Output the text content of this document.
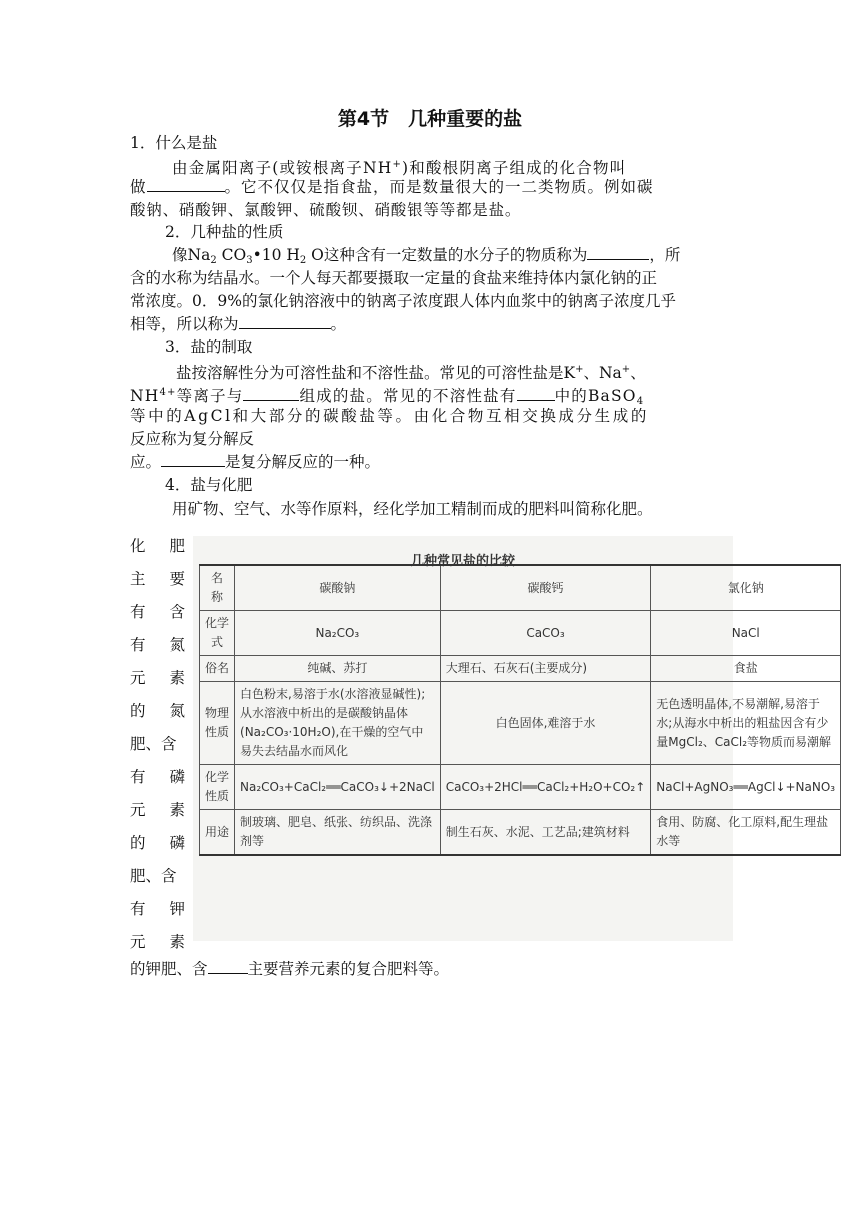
第4节　几种重要的盐
1．什么是盐
由金属阳离子(或铵根离子NH+)和酸根阴离子组成的化合物叫
做	。它不仅仅是指食盐，而是数量很大的一二类物质。例如碳
酸钠、硝酸钾、氯酸钾、硫酸钡、硝酸银等等都是盐。
2．几种盐的性质
像$Na_2$ $CO_3•10$ $H_2$ O这种含有一定数量的水分子的物质称为	，所
含的水称为结晶水。一个人每天都要摄取一定量的食盐来维持体内氯化钠的正
常浓度。0．9%的氯化钠溶液中的钠离子浓度跟人体内血浆中的钠离子浓度几乎
相等，所以称为	。
3．盐的制取
盐按溶解性分为可溶性盐和不溶性盐。常见的可溶性盐是K+、Na+、
$NH^{4+}$等离子与	组成的盐。常见的不溶性盐有 中的BaSO$_4$
等中的AgCl和大部分的碳酸盐等。由化合物互相交换成分生成的
反应称为复分解反
应。	是复分解反应的一种。
4．盐与化肥
用矿物、空气、水等作原料，经化学加工精制而成的肥料叫简称化肥。
化 肥
主 要
有 含
有 氮
元 素
的 氮
肥、含
有 磷
元 素
的 磷
肥、含
有 钾
元 素
几种常见盐的比较
名　称	碳酸钠	碳酸钙	氯化钠
化学式	Na₂CO₃	CaCO₃	NaCl
俗名	纯碱、苏打	大理石、石灰石(主要成分)	食盐
物理性质	白色粉末,易溶于水(水溶液显碱性);从水溶液中析出的是碳酸钠晶体(Na₂CO₃·10H₂O),在干燥的空气中易失去结晶水而风化	白色固体,难溶于水	无色透明晶体,不易潮解,易溶于水;从海水中析出的粗盐因含有少量MgCl₂、CaCl₂等物质而易潮解
化学性质	Na₂CO₃+CaCl₂══CaCO₃↓+2NaCl	CaCO₃+2HCl══CaCl₂+H₂O+CO₂↑	NaCl+AgNO₃══AgCl↓+NaNO₃
用途	制玻璃、肥皂、纸张、纺织品、洗涤剂等	制生石灰、水泥、工艺品;建筑材料	食用、防腐、化工原料,配生理盐水等
的钾肥、含	主要营养元素的复合肥料等。
